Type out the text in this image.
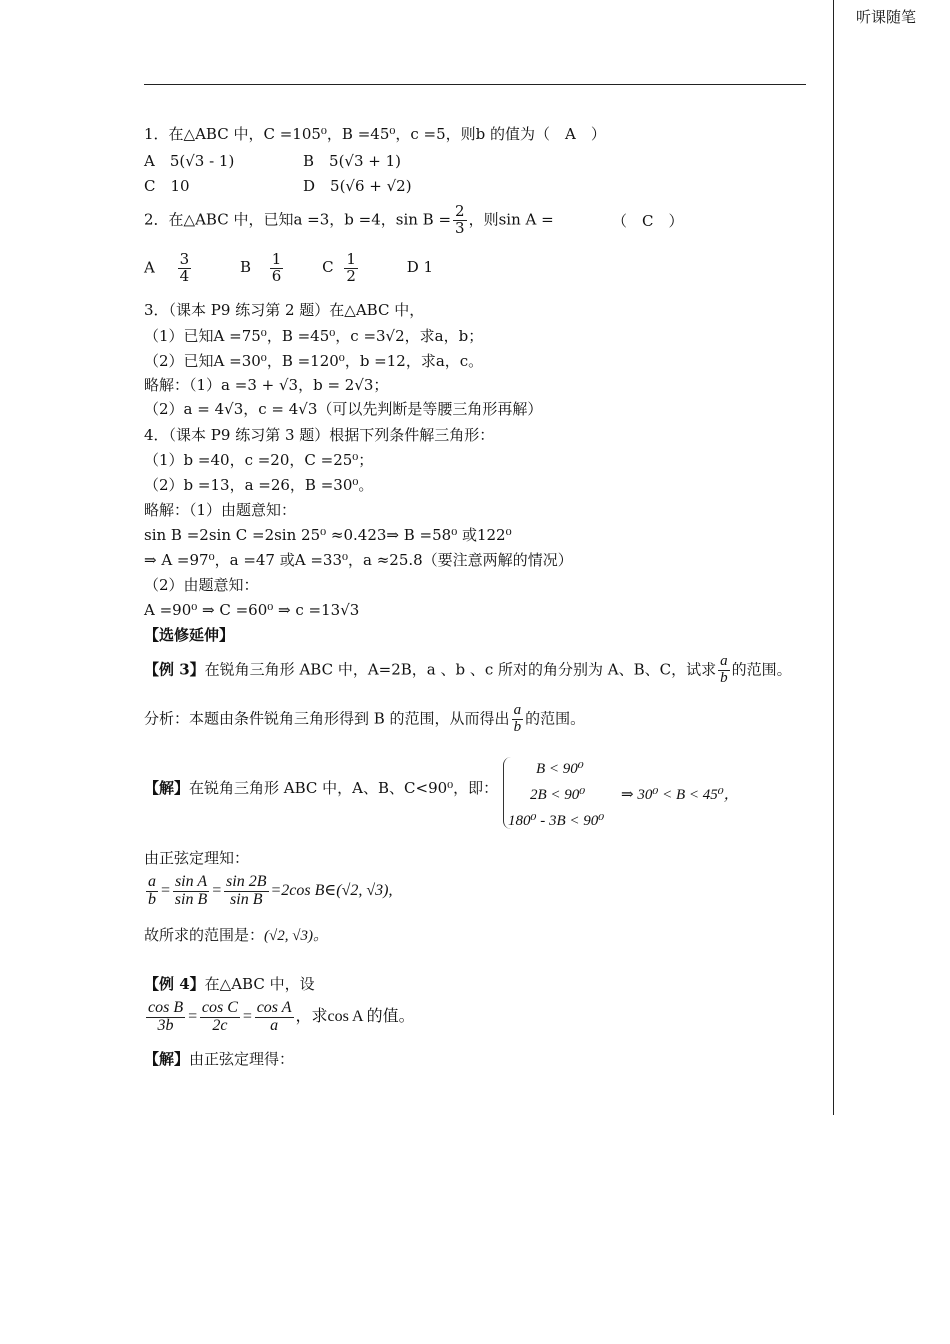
听课随笔
1．在△ABC 中，C =105⁰，B =45⁰，c =5，则b 的值为（　A　）
A　5(√3 - 1)	B　5(√3 + 1)
C　10	D　5(√6 + √2)
2．在△ABC 中，已知a =3，b =4，$\sin B = \frac{2}{3}$ ，则sin A =	（　C　）
A $\frac{3}{4}$	B $\frac{1}{6}$	C $\frac{1}{2}$	D 1
3．（课本 P9 练习第 2 题）在△ABC 中，
（1）已知A =75⁰，B =45⁰，c =3√2，求a，b；
（2）已知A =30⁰，B =120⁰，b =12，求a，c。
略解：（1）a =3 + √3，b = 2√3；
（2）a = 4√3，c = 4√3（可以先判断是等腰三角形再解）
4．（课本 P9 练习第 3 题）根据下列条件解三角形：
（1）b =40，c =20，C =25⁰；
（2）b =13，a =26，B =30⁰。
略解：（1）由题意知：
sin B =2sin C =2sin 25⁰ ≈0.423⇒ B =58⁰ 或122⁰
⇒ A =97⁰，a =47 或A =33⁰，a ≈25.8（要注意两解的情况）
（2）由题意知：
A =90⁰ ⇒ C =60⁰ ⇒ c =13√3
【选修延伸】
【例 3】在锐角三角形 ABC 中，A=2B，a 、b 、c 所对的角分别为 A、B、C，试求 $\frac{a}{b}$ 的范围。
分析：本题由条件锐角三角形得到 B 的范围，从而得出 $\frac{a}{b}$ 的范围。
【解】在锐角三角形 ABC 中，A、B、C<90⁰，即：
B < 90⁰
2B < 90⁰
180⁰ - 3B < 90⁰
⇒ 30⁰ < B < 45⁰，
由正弦定理知：
$\frac{a}{b} = \frac{\text{sin A}}{\text{sin B}} = \frac{\sin 2B}{\text{sin B}} =2\cos$ B∈(√2, √3),
故所求的范围是：(√2, √3)。
【例 4】在△ABC 中，设
$\frac{\text{cos B}}{3b} = \frac{\text{cos C}}{2c} = \frac{\text{cos A}}{a}$ ，求cos A 的值。
【解】由正弦定理得：
